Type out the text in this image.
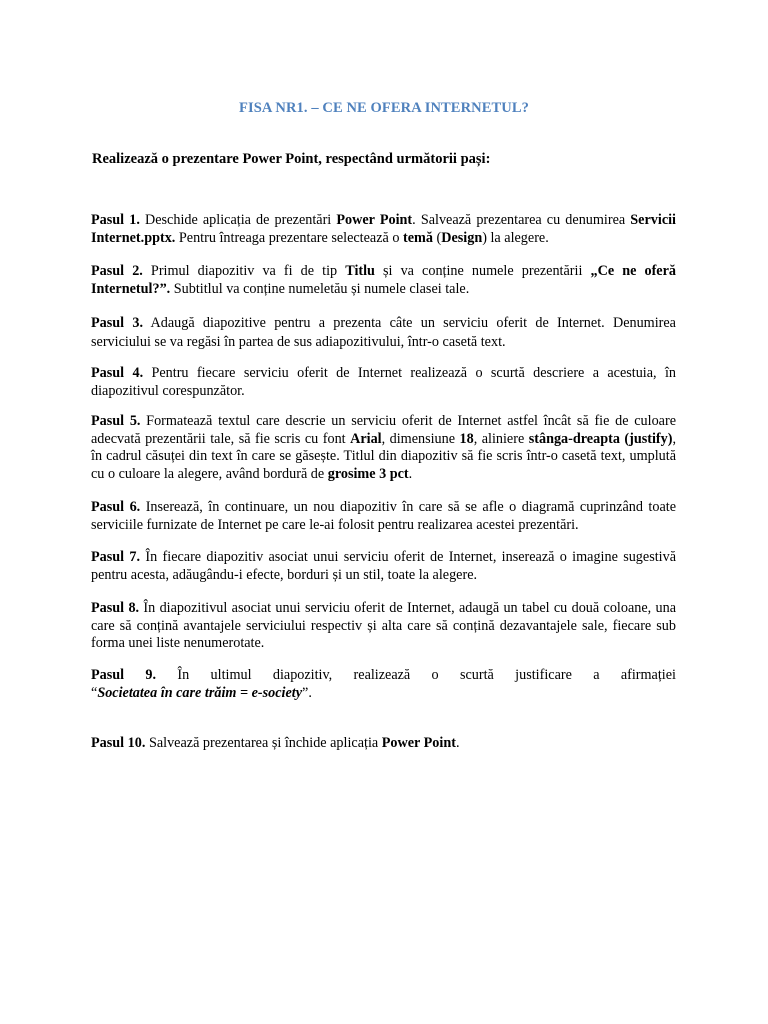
FISA NR1. – CE NE OFERA INTERNETUL?
Realizează o prezentare Power Point, respectând următorii pași:
Pasul 1. Deschide aplicația de prezentări Power Point. Salvează prezentarea cu denumirea Servicii Internet.pptx. Pentru întreaga prezentare selectează o temă (Design) la alegere.
Pasul 2. Primul diapozitiv va fi de tip Titlu și va conține numele prezentării „Ce ne oferă Internetul?”. Subtitlul va conține numeletău și numele clasei tale.
Pasul 3. Adaugă diapozitive pentru a prezenta câte un serviciu oferit de Internet. Denumirea serviciului se va regăsi în partea de sus adiapozitivului, într-o casetă text.
Pasul 4. Pentru fiecare serviciu oferit de Internet realizează o scurtă descriere a acestuia, în diapozitivul corespunzător.
Pasul 5. Formatează textul care descrie un serviciu oferit de Internet astfel încât să fie de culoare adecvată prezentării tale, să fie scris cu font Arial, dimensiune 18, aliniere stânga-dreapta (justify), în cadrul căsuței din text în care se găsește. Titlul din diapozitiv să fie scris într-o casetă text, umplută cu o culoare la alegere, având bordură de grosime 3 pct.
Pasul 6. Inserează, în continuare, un nou diapozitiv în care să se afle o diagramă cuprinzând toate serviciile furnizate de Internet pe care le-ai folosit pentru realizarea acestei prezentări.
Pasul 7. În fiecare diapozitiv asociat unui serviciu oferit de Internet, inserează o imagine sugestivă pentru acesta, adăugându-i efecte, borduri și un stil, toate la alegere.
Pasul 8. În diapozitivul asociat unui serviciu oferit de Internet, adaugă un tabel cu două coloane, una care să conțină avantajele serviciului respectiv și alta care să conțină dezavantajele sale, fiecare sub forma unei liste nenumerotate.
Pasul 9. În ultimul diapozitiv, realizează o scurtă justificare a afirmației
“Societatea în care trăim = e-society”.
Pasul 10. Salvează prezentarea și închide aplicația Power Point.
